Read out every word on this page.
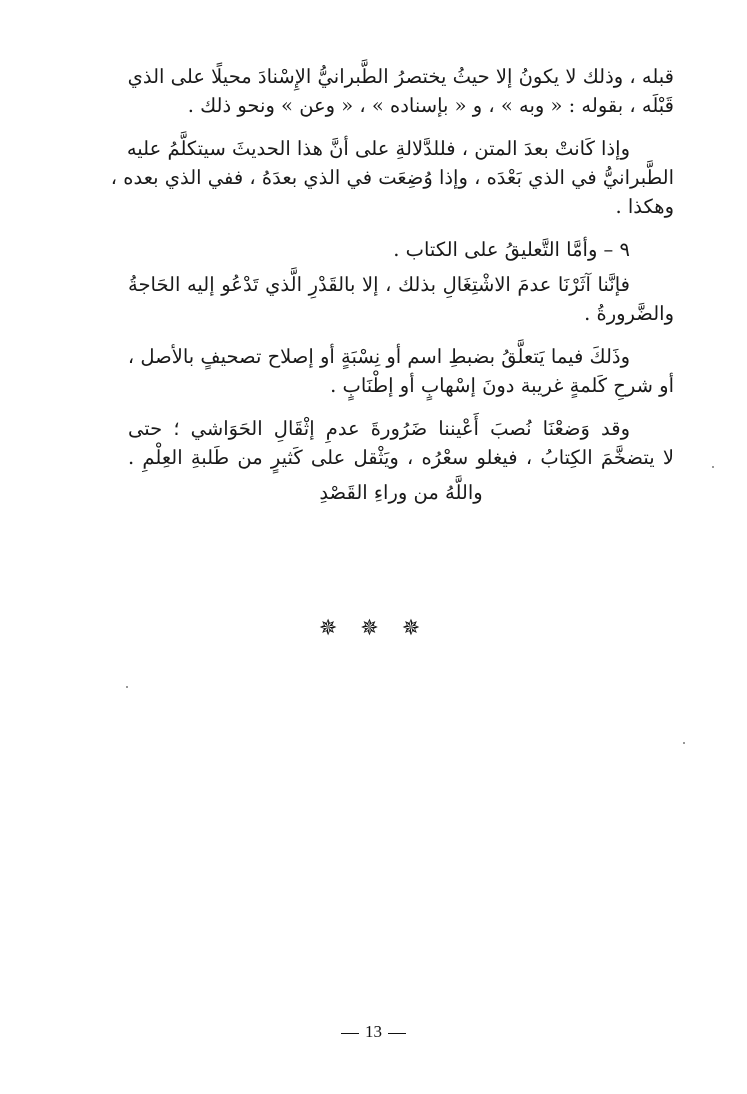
قبله ، وذلك لا يكونُ إلا حيثُ يختصرُ الطَّبرانيُّ الإِسْنادَ محيلًا على الذي
قَبْلَه ، بقوله : « وبه » ، و « بإسناده » ، « وعن » ونحو ذلك .
وإذا كَانتْ بعدَ المتن ، فللدَّلالةِ على أنَّ هذا الحديثَ سيتكلَّمُ عليه
الطَّبرانيُّ في الذي بَعْدَه ، وإذا وُضِعَت في الذي بعدَهُ ، ففي الذي بعده ،
وهكذا .
٩ – وأمَّا التَّعليقُ على الكتاب .
فإنَّنا آثَرْنَا عدمَ الاشْتِغَالِ بذلك ، إلا بالقَدْرِ الَّذي تَدْعُو إليه الحَاجةُ
والضَّرورةُ .
وذَلكَ فيما يَتعلَّقُ بضبطِ اسم أو نِسْبَةٍ أو إصلاح تصحيفٍ بالأصل ،
أو شرحِ كَلمةٍ غريبة دونَ إسْهابٍ أو إطْنَابٍ .
وقد وَضعْنَا نُصبَ أَعْيننا ضَرُورةَ عدمِ إثْقَالِ الحَوَاشي ؛ حتى
لا يتضخَّمَ الكِتابُ ، فيغلو سعْرُه ، ويَثْقل على كَثيرٍ من طَلبةِ العِلْمِ .
واللَّهُ من وراءِ القَصْدِ
✵ ✵ ✵
13
